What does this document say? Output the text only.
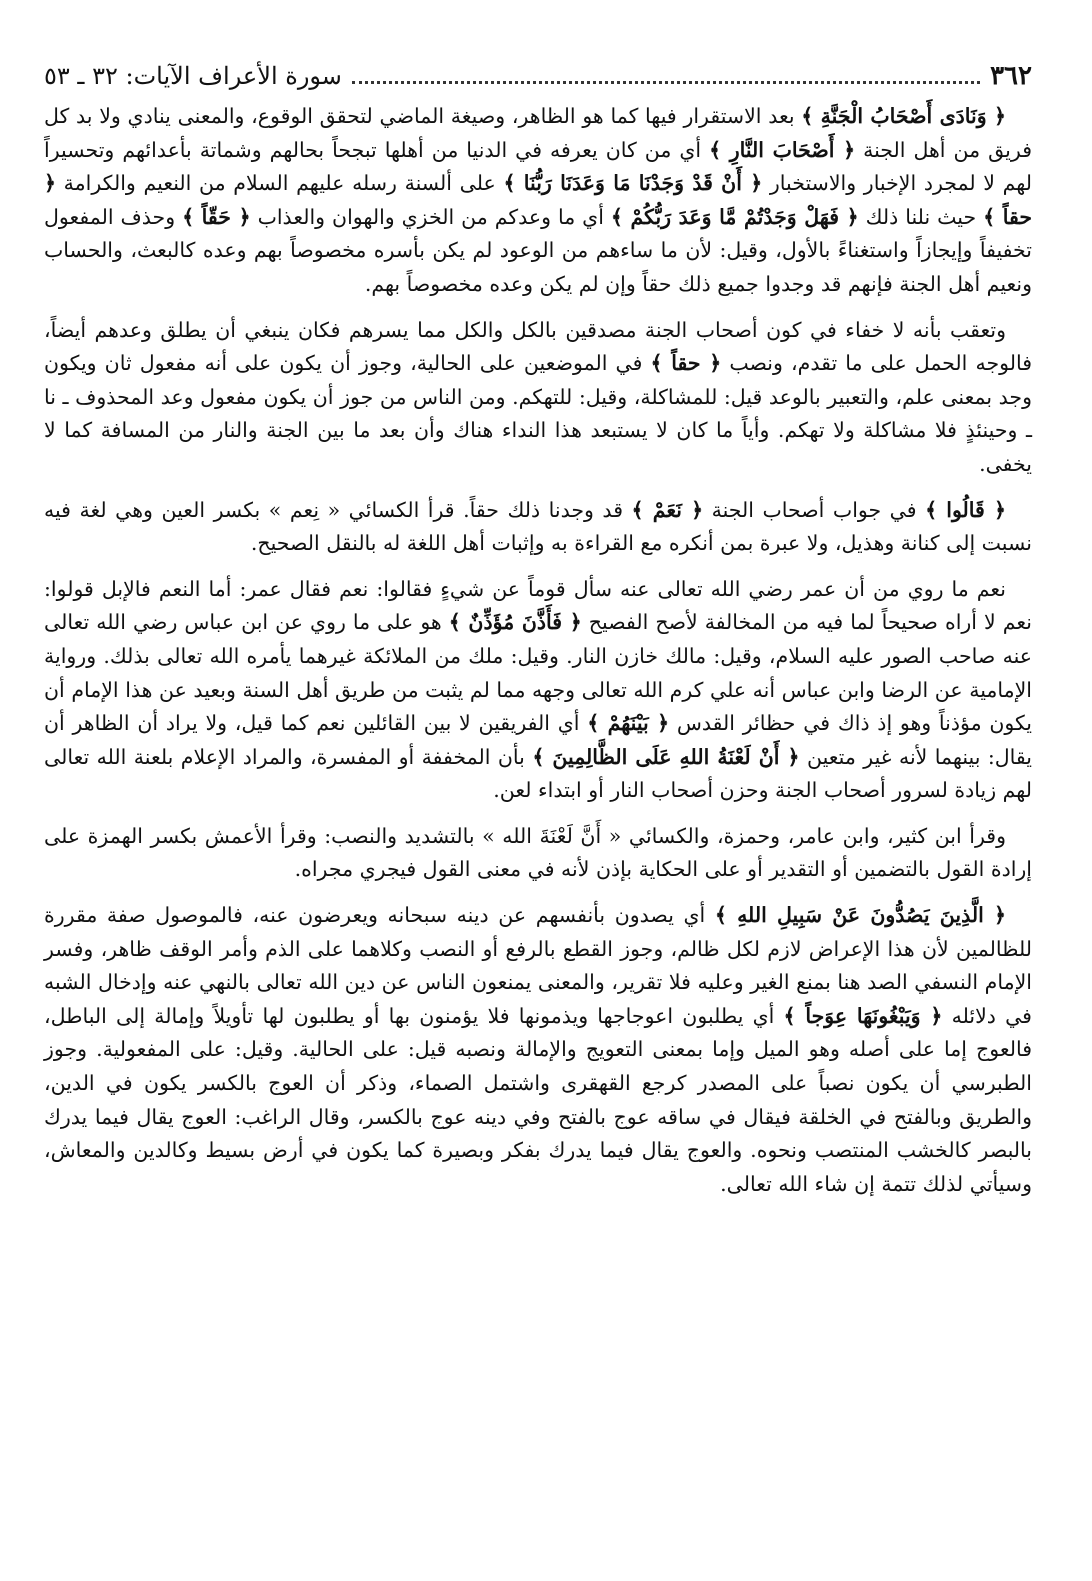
٣٦٢
سورة الأعراف الآيات: ٣٢ ـ ٥٣

﴿ وَنَادَى أَصْحَابُ الْجَنَّةِ ﴾ بعد الاستقرار فيها كما هو الظاهر، وصيغة الماضي لتحقق الوقوع، والمعنى ينادي ولا بد كل فريق من أهل الجنة ﴿ أَصْحَابَ النَّارِ ﴾ أي من كان يعرفه في الدنيا من أهلها تبجحاً بحالهم وشماتة بأعدائهم وتحسيراً لهم لا لمجرد الإخبار والاستخبار ﴿ أَنْ قَدْ وَجَدْنَا مَا وَعَدَنَا رَبُّنَا ﴾ على ألسنة رسله عليهم السلام من النعيم والكرامة ﴿ حقاً ﴾ حيث نلنا ذلك ﴿ فَهَلْ وَجَدْتُمْ مَّا وَعَدَ رَبُّكُمْ ﴾ أي ما وعدكم من الخزي والهوان والعذاب ﴿ حَقّاً ﴾ وحذف المفعول تخفيفاً وإيجازاً واستغناءً بالأول، وقيل: لأن ما ساءهم من الوعود لم يكن بأسره مخصوصاً بهم وعده كالبعث، والحساب ونعيم أهل الجنة فإنهم قد وجدوا جميع ذلك حقاً وإن لم يكن وعده مخصوصاً بهم.

وتعقب بأنه لا خفاء في كون أصحاب الجنة مصدقين بالكل والكل مما يسرهم فكان ينبغي أن يطلق وعدهم أيضاً، فالوجه الحمل على ما تقدم، ونصب ﴿ حقاً ﴾ في الموضعين على الحالية، وجوز أن يكون على أنه مفعول ثان ويكون وجد بمعنى علم، والتعبير بالوعد قيل: للمشاكلة، وقيل: للتهكم. ومن الناس من جوز أن يكون مفعول وعد المحذوف ـ نا ـ وحينئذٍ فلا مشاكلة ولا تهكم. وأياً ما كان لا يستبعد هذا النداء هناك وأن بعد ما بين الجنة والنار من المسافة كما لا يخفى.

﴿ قَالُوا ﴾ في جواب أصحاب الجنة ﴿ نَعَمْ ﴾ قد وجدنا ذلك حقاً. قرأ الكسائي « نِعم » بكسر العين وهي لغة فيه نسبت إلى كنانة وهذيل، ولا عبرة بمن أنكره مع القراءة به وإثبات أهل اللغة له بالنقل الصحيح.

نعم ما روي من أن عمر رضي الله تعالى عنه سأل قوماً عن شيءٍ فقالوا: نعم فقال عمر: أما النعم فالإبل قولوا: نعم لا أراه صحيحاً لما فيه من المخالفة لأصح الفصيح ﴿ فَأَذَّنَ مُؤَذِّنٌ ﴾ هو على ما روي عن ابن عباس رضي الله تعالى عنه صاحب الصور عليه السلام، وقيل: مالك خازن النار. وقيل: ملك من الملائكة غيرهما يأمره الله تعالى بذلك. ورواية الإمامية عن الرضا وابن عباس أنه علي كرم الله تعالى وجهه مما لم يثبت من طريق أهل السنة وبعيد عن هذا الإمام أن يكون مؤذناً وهو إذ ذاك في حظائر القدس ﴿ بَيْنَهُمْ ﴾ أي الفريقين لا بين القائلين نعم كما قيل، ولا يراد أن الظاهر أن يقال: بينهما لأنه غير متعين ﴿ أَنْ لَعْنَةُ اللهِ عَلَى الظَّالِمِينَ ﴾ بأن المخففة أو المفسرة، والمراد الإعلام بلعنة الله تعالى لهم زيادة لسرور أصحاب الجنة وحزن أصحاب النار أو ابتداء لعن.

وقرأ ابن كثير، وابن عامر، وحمزة، والكسائي « أَنَّ لَعْنَةَ الله » بالتشديد والنصب: وقرأ الأعمش بكسر الهمزة على إرادة القول بالتضمين أو التقدير أو على الحكاية بإذن لأنه في معنى القول فيجري مجراه.

﴿ الَّذِينَ يَصُدُّونَ عَنْ سَبِيلِ اللهِ ﴾ أي يصدون بأنفسهم عن دينه سبحانه ويعرضون عنه، فالموصول صفة مقررة للظالمين لأن هذا الإعراض لازم لكل ظالم، وجوز القطع بالرفع أو النصب وكلاهما على الذم وأمر الوقف ظاهر، وفسر الإمام النسفي الصد هنا بمنع الغير وعليه فلا تقرير، والمعنى يمنعون الناس عن دين الله تعالى بالنهي عنه وإدخال الشبه في دلائله ﴿ وَيَبْغُونَهَا عِوَجاً ﴾ أي يطلبون اعوجاجها ويذمونها فلا يؤمنون بها أو يطلبون لها تأويلاً وإمالة إلى الباطل، فالعوج إما على أصله وهو الميل وإما بمعنى التعويج والإمالة ونصبه قيل: على الحالية. وقيل: على المفعولية. وجوز الطبرسي أن يكون نصباً على المصدر كرجع القهقرى واشتمل الصماء، وذكر أن العوج بالكسر يكون في الدين، والطريق وبالفتح في الخلقة فيقال في ساقه عوج بالفتح وفي دينه عوج بالكسر، وقال الراغب: العوج يقال فيما يدرك بالبصر كالخشب المنتصب ونحوه. والعوج يقال فيما يدرك بفكر وبصيرة كما يكون في أرض بسيط وكالدين والمعاش، وسيأتي لذلك تتمة إن شاء الله تعالى.
